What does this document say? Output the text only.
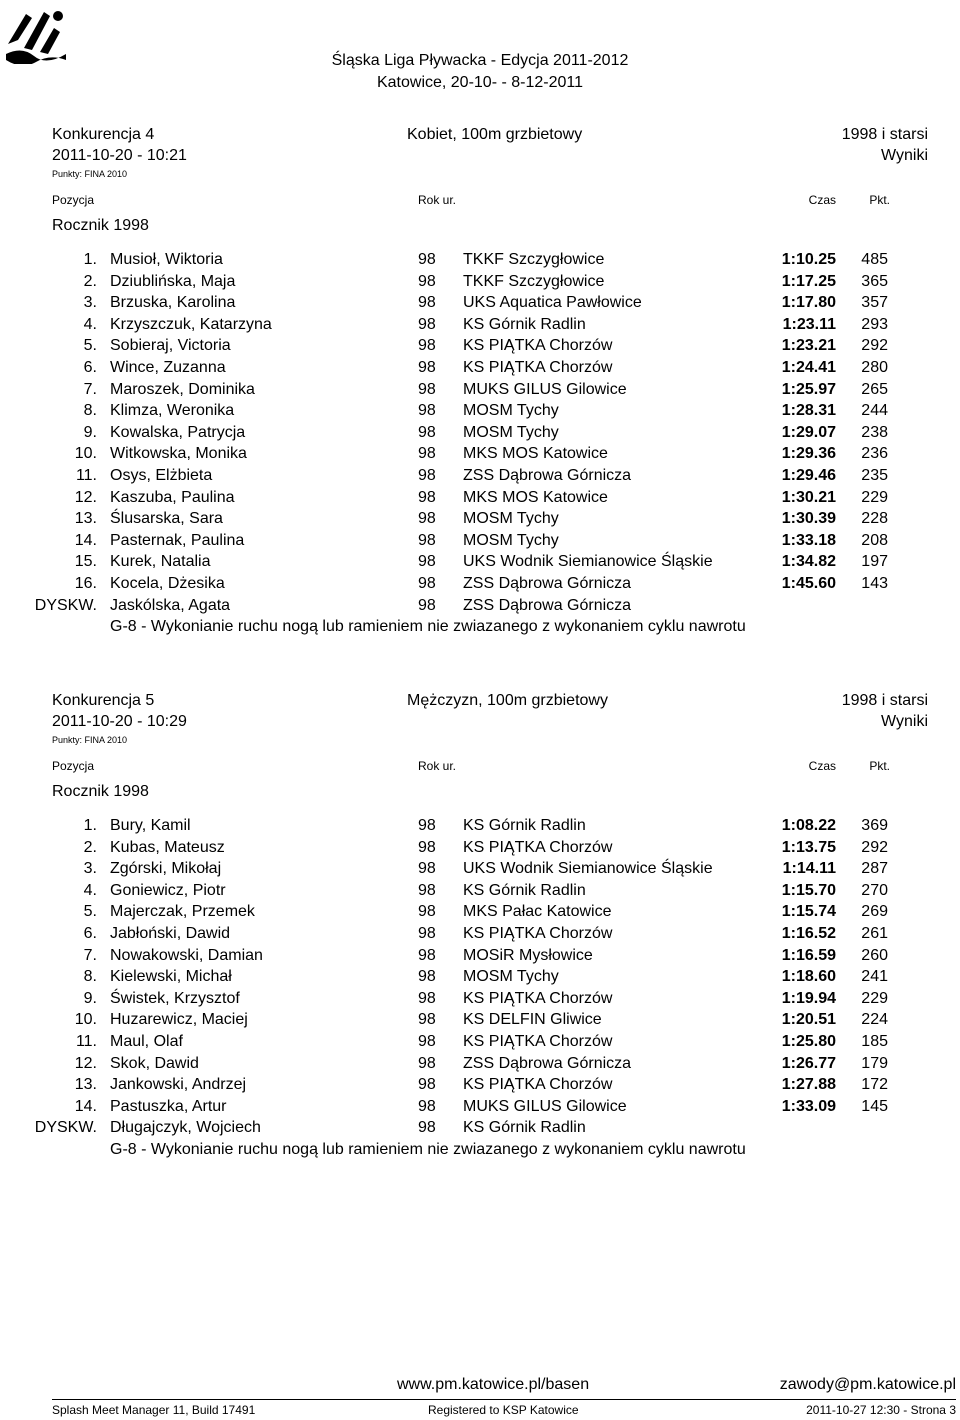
Śląska Liga Pływacka - Edycja 2011-2012
Katowice, 20-10- - 8-12-2011
Konkurencja 4	Kobiet, 100m grzbietowy	1998 i starsi
2011-10-20 - 10:21	Wyniki
Punkty: FINA 2010
Pozycja	Rok ur.	Czas	Pkt.
Rocznik 1998
1. Musioł, Wiktoria	98 TKKF Szczygłowice	1:10.25 485
2. Dziublińska, Maja	98 TKKF Szczygłowice	1:17.25 365
3. Brzuska, Karolina	98 UKS Aquatica Pawłowice	1:17.80 357
4. Krzyszczuk, Katarzyna	98 KS Górnik Radlin	1:23.11 293
5. Sobieraj, Victoria	98 KS PIĄTKA Chorzów	1:23.21 292
6. Wince, Zuzanna	98 KS PIĄTKA Chorzów	1:24.41 280
7. Maroszek, Dominika	98 MUKS GILUS Gilowice	1:25.97 265
8. Klimza, Weronika	98 MOSM Tychy	1:28.31 244
9. Kowalska, Patrycja	98 MOSM Tychy	1:29.07 238
10. Witkowska, Monika	98 MKS MOS Katowice	1:29.36 236
11. Osys, Elżbieta	98 ZSS Dąbrowa Górnicza	1:29.46 235
12. Kaszuba, Paulina	98 MKS MOS Katowice	1:30.21 229
13. Ślusarska, Sara	98 MOSM Tychy	1:30.39 228
14. Pasternak, Paulina	98 MOSM Tychy	1:33.18 208
15. Kurek, Natalia	98 UKS Wodnik Siemianowice Śląskie	1:34.82 197
16. Kocela, Dżesika	98 ZSS Dąbrowa Górnicza	1:45.60 143
DYSKW. Jaskólska, Agata	98 ZSS Dąbrowa Górnicza
G-8 - Wykonianie ruchu nogą lub ramieniem nie zwiazanego z wykonaniem cyklu nawrotu
Konkurencja 5	Mężczyzn, 100m grzbietowy	1998 i starsi
2011-10-20 - 10:29	Wyniki
Punkty: FINA 2010
Pozycja	Rok ur.	Czas	Pkt.
Rocznik 1998
1. Bury, Kamil	98 KS Górnik Radlin	1:08.22 369
2. Kubas, Mateusz	98 KS PIĄTKA Chorzów	1:13.75 292
3. Zgórski, Mikołaj	98 UKS Wodnik Siemianowice Śląskie	1:14.11 287
4. Goniewicz, Piotr	98 KS Górnik Radlin	1:15.70 270
5. Majerczak, Przemek	98 MKS Pałac Katowice	1:15.74 269
6. Jabłoński, Dawid	98 KS PIĄTKA Chorzów	1:16.52 261
7. Nowakowski, Damian	98 MOSiR Mysłowice	1:16.59 260
8. Kielewski, Michał	98 MOSM Tychy	1:18.60 241
9. Świstek, Krzysztof	98 KS PIĄTKA Chorzów	1:19.94 229
10. Huzarewicz, Maciej	98 KS DELFIN Gliwice	1:20.51 224
11. Maul, Olaf	98 KS PIĄTKA Chorzów	1:25.80 185
12. Skok, Dawid	98 ZSS Dąbrowa Górnicza	1:26.77 179
13. Jankowski, Andrzej	98 KS PIĄTKA Chorzów	1:27.88 172
14. Pastuszka, Artur	98 MUKS GILUS Gilowice	1:33.09 145
DYSKW. Długajczyk, Wojciech	98 KS Górnik Radlin
G-8 - Wykonianie ruchu nogą lub ramieniem nie zwiazanego z wykonaniem cyklu nawrotu
www.pm.katowice.pl/basen	zawody@pm.katowice.pl
Splash Meet Manager 11, Build 17491	Registered to KSP Katowice	2011-10-27 12:30 - Strona 3
